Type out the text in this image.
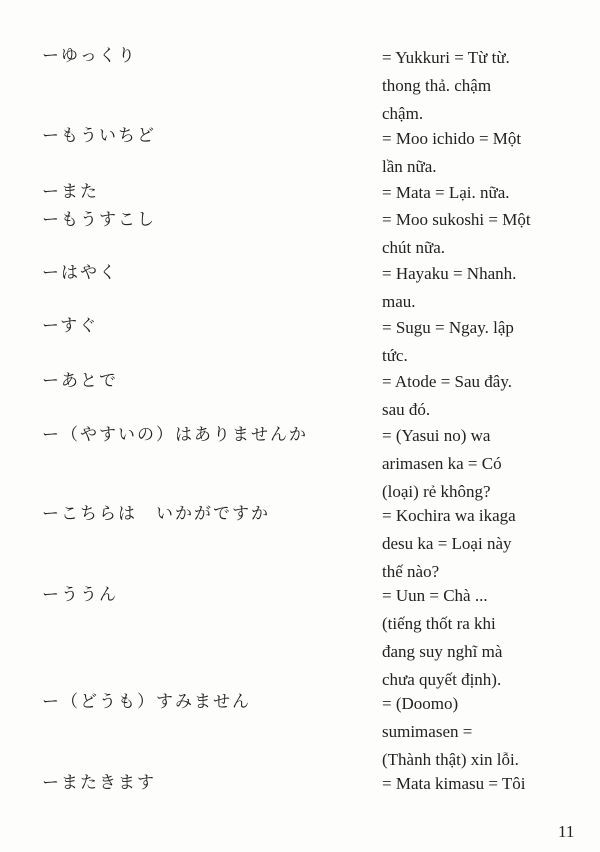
ーゆっくり	= Yukkuri = Từ từ.
thong thả. chậm
chậm.
ーもういちど	= Moo ichido = Một
lần nữa.
ーまた	= Mata = Lại. nữa.
ーもうすこし	= Moo sukoshi = Một
chút nữa.
ーはやく	= Hayaku = Nhanh.
mau.
ーすぐ	= Sugu = Ngay. lập
tức.
ーあとで	= Atode = Sau đây.
sau đó.
ー（やすいの）はありませんか	= (Yasui no) wa
arimasen ka = Có
(loại) rẻ không?
ーこちらは　いかがですか	= Kochira wa ikaga
desu ka = Loại này
thế nào?
ーううん	= Uun = Chà ...
(tiếng thốt ra khi
đang suy nghĩ mà
chưa quyết định).
ー（どうも）すみません	= (Doomo)
sumimasen =
(Thành thật) xin lỗi.
ーまたきます	= Mata kimasu = Tôi
11
